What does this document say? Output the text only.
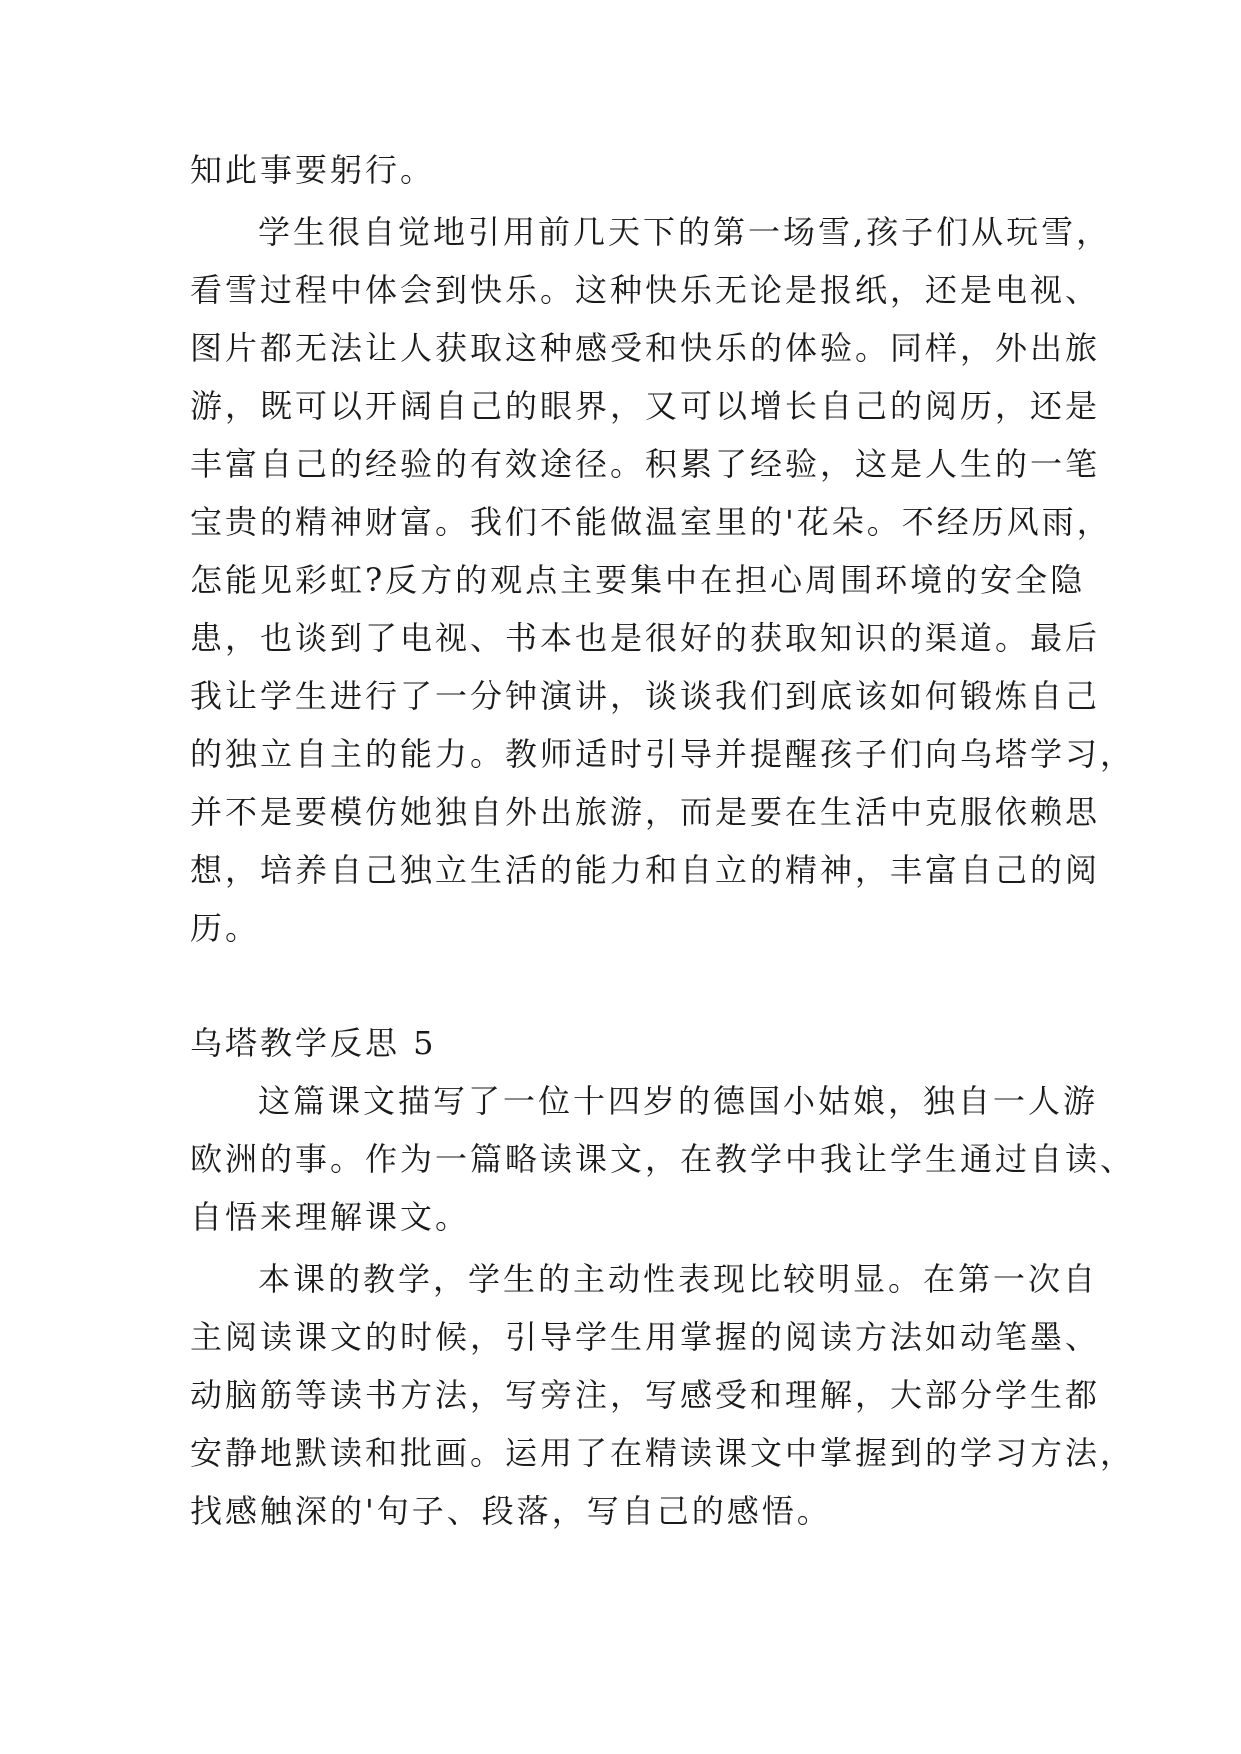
知此事要躬行。
学生很自觉地引用前几天下的第一场雪,孩子们从玩雪，
看雪过程中体会到快乐。这种快乐无论是报纸，还是电视、
图片都无法让人获取这种感受和快乐的体验。同样，外出旅
游，既可以开阔自己的眼界，又可以增长自己的阅历，还是
丰富自己的经验的有效途径。积累了经验，这是人生的一笔
宝贵的精神财富。我们不能做温室里的'花朵。不经历风雨，
怎能见彩虹?反方的观点主要集中在担心周围环境的安全隐
患，也谈到了电视、书本也是很好的获取知识的渠道。最后
我让学生进行了一分钟演讲，谈谈我们到底该如何锻炼自己
的独立自主的能力。教师适时引导并提醒孩子们向乌塔学习，
并不是要模仿她独自外出旅游，而是要在生活中克服依赖思
想，培养自己独立生活的能力和自立的精神，丰富自己的阅
历。
乌塔教学反思 5
这篇课文描写了一位十四岁的德国小姑娘，独自一人游
欧洲的事。作为一篇略读课文，在教学中我让学生通过自读、
自悟来理解课文。
本课的教学，学生的主动性表现比较明显。在第一次自
主阅读课文的时候，引导学生用掌握的阅读方法如动笔墨、
动脑筋等读书方法，写旁注，写感受和理解，大部分学生都
安静地默读和批画。运用了在精读课文中掌握到的学习方法，
找感触深的'句子、段落，写自己的感悟。
